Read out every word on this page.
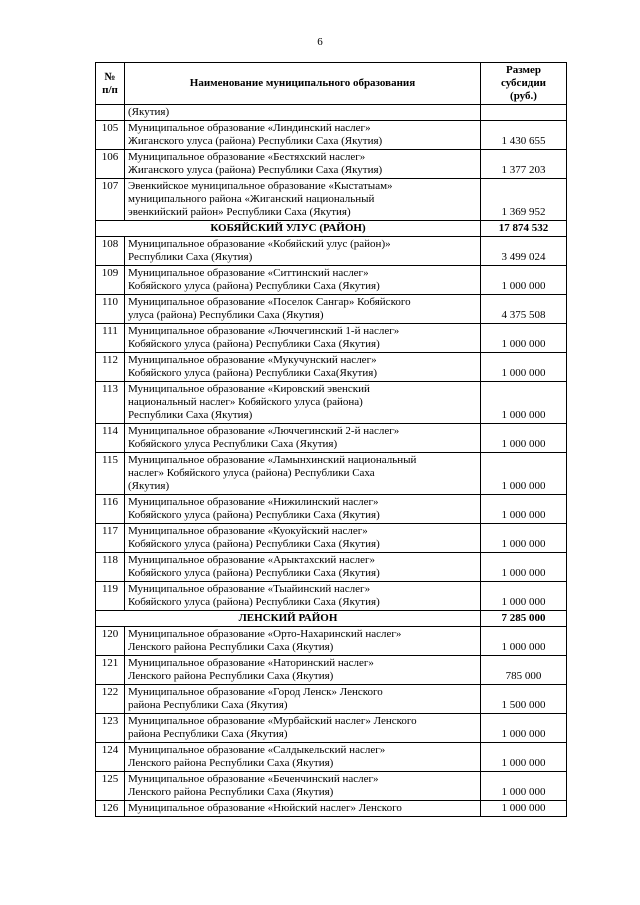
6
№
п/п	Наименование муниципального образования	Размер субсидии
(руб.)
	(Якутия)	
105	Муниципальное образование «Линдинский наслег»
Жиганского улуса (района) Республики Саха (Якутия)	1 430 655
106	Муниципальное образование «Бестяхский наслег»
Жиганского улуса (района) Республики Саха (Якутия)	1 377 203
107	Эвенкийское муниципальное образование «Кыстатыам»
муниципального района «Жиганский национальный
эвенкийский район» Республики Саха (Якутия)	1 369 952
КОБЯЙСКИЙ УЛУС (РАЙОН)		17 874 532
108	Муниципальное образование «Кобяйский улус (район)»
Республики Саха (Якутия)	3 499 024
109	Муниципальное образование «Ситтинский наслег»
Кобяйского улуса (района) Республики Саха (Якутия)	1 000 000
110	Муниципальное образование «Поселок Сангар» Кобяйского
улуса (района) Республики Саха (Якутия)	4 375 508
111	Муниципальное образование «Люччегинский 1-й наслег»
Кобяйского улуса (района) Республики Саха (Якутия)	1 000 000
112	Муниципальное образование «Мукучунский наслег»
Кобяйского улуса (района) Республики Саха(Якутия)	1 000 000
113	Муниципальное образование «Кировский эвенский
национальный наслег» Кобяйского улуса (района)
Республики Саха (Якутия)	1 000 000
114	Муниципальное образование «Люччегинский 2-й наслег»
Кобяйского улуса Республики Саха (Якутия)	1 000 000
115	Муниципальное образование «Ламынхинский национальный
наслег» Кобяйского улуса (района) Республики Саха
(Якутия)	1 000 000
116	Муниципальное образование «Нижилинский наслег»
Кобяйского улуса (района) Республики Саха (Якутия)	1 000 000
117	Муниципальное образование «Куокуйский наслег»
Кобяйского улуса (района) Республики Саха (Якутия)	1 000 000
118	Муниципальное образование «Арыктахский наслег»
Кобяйского улуса (района) Республики Саха (Якутия)	1 000 000
119	Муниципальное образование «Тыайинский наслег»
Кобяйского улуса (района) Республики Саха (Якутия)	1 000 000
ЛЕНСКИЙ РАЙОН		7 285 000
120	Муниципальное образование «Орто-Нахаринский наслег»
Ленского района Республики Саха (Якутия)	1 000 000
121	Муниципальное образование «Наторинский наслег»
Ленского района Республики Саха (Якутия)	785 000
122	Муниципальное образование «Город Ленск» Ленского
района Республики Саха (Якутия)	1 500 000
123	Муниципальное образование «Мурбайский наслег» Ленского
района Республики Саха (Якутия)	1 000 000
124	Муниципальное образование «Салдыкельский наслег»
Ленского района Республики Саха (Якутия)	1 000 000
125	Муниципальное образование «Беченчинский наслег»
Ленского района Республики Саха (Якутия)	1 000 000
126	Муниципальное образование «Нюйский наслег» Ленского	1 000 000
